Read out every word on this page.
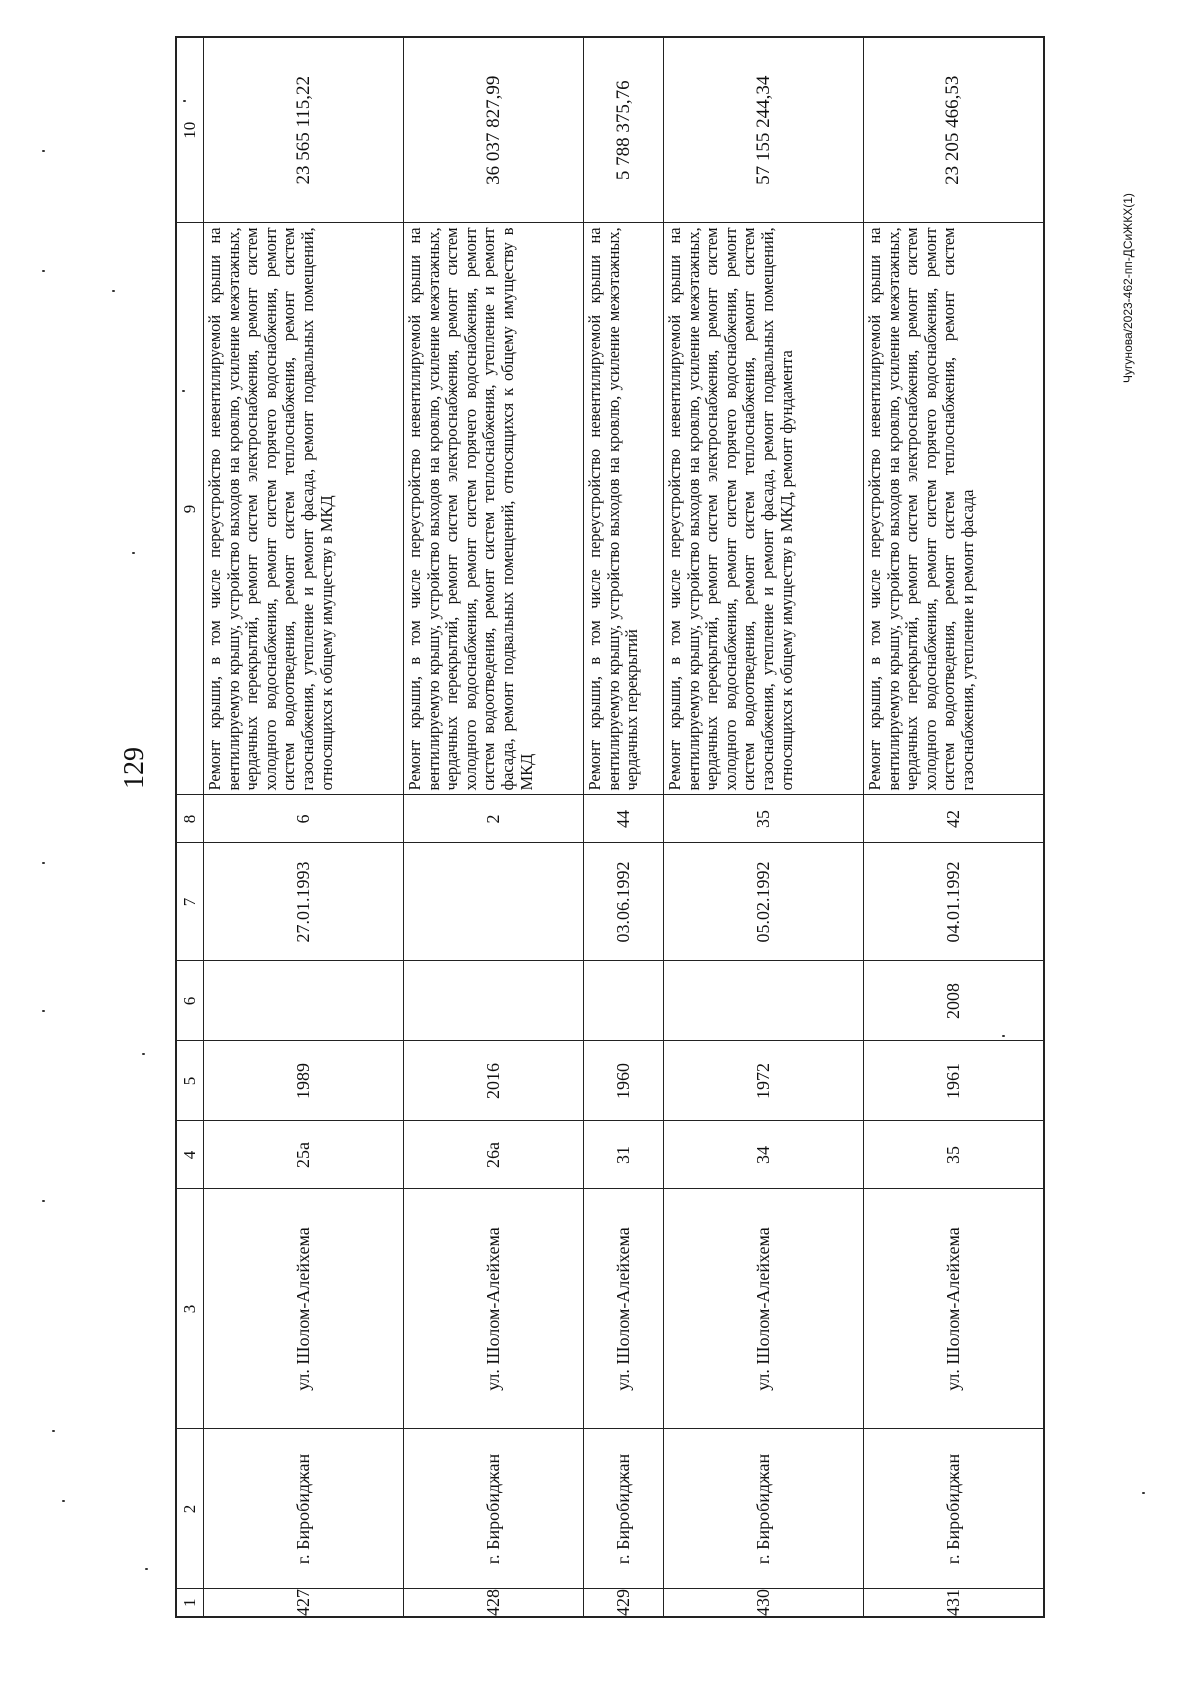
129
Чугунова/2023-462-пп-ДСиЖКХ(1)
1	2	3	4	5	6	7	8	9	10
427	г. Биробиджан	ул. Шолом-Алейхема	25а	1989		27.01.1993	6	Ремонт крыши, в том числе переустройство невентилируемой крыши на вентилируемую крышу, устройство выходов на кровлю, усиление межэтажных, чердачных перекрытий, ремонт систем электроснабжения, ремонт систем холодного водоснабжения, ремонт систем горячего водоснабжения, ремонт систем водоотведения, ремонт систем теплоснабжения, ремонт систем газоснабжения, утепление и ремонт фасада, ремонт подвальных помещений, относящихся к общему имуществу в МКД	23 565 115,22
428	г. Биробиджан	ул. Шолом-Алейхема	26а	2016			2	Ремонт крыши, в том числе переустройство невентилируемой крыши на вентилируемую крышу, устройство выходов на кровлю, усиление межэтажных, чердачных перекрытий, ремонт систем электроснабжения, ремонт систем холодного водоснабжения, ремонт систем горячего водоснабжения, ремонт систем водоотведения, ремонт систем теплоснабжения, утепление и ремонт фасада, ремонт подвальных помещений, относящихся к общему имуществу в МКД	36 037 827,99
429	г. Биробиджан	ул. Шолом-Алейхема	31	1960		03.06.1992	44	Ремонт крыши, в том числе переустройство невентилируемой крыши на вентилируемую крышу, устройство выходов на кровлю, усиление межэтажных, чердачных перекрытий	5 788 375,76
430	г. Биробиджан	ул. Шолом-Алейхема	34	1972		05.02.1992	35	Ремонт крыши, в том числе переустройство невентилируемой крыши на вентилируемую крышу, устройство выходов на кровлю, усиление межэтажных, чердачных перекрытий, ремонт систем электроснабжения, ремонт систем холодного водоснабжения, ремонт систем горячего водоснабжения, ремонт систем водоотведения, ремонт систем теплоснабжения, ремонт систем газоснабжения, утепление и ремонт фасада, ремонт подвальных помещений, относящихся к общему имуществу в МКД, ремонт фундамента	57 155 244,34
431	г. Биробиджан	ул. Шолом-Алейхема	35	1961	2008	04.01.1992	42	Ремонт крыши, в том числе переустройство невентилируемой крыши на вентилируемую крышу, устройство выходов на кровлю, усиление межэтажных, чердачных перекрытий, ремонт систем электроснабжения, ремонт систем холодного водоснабжения, ремонт систем горячего водоснабжения, ремонт систем водоотведения, ремонт систем теплоснабжения, ремонт систем газоснабжения, утепление и ремонт фасада	23 205 466,53
